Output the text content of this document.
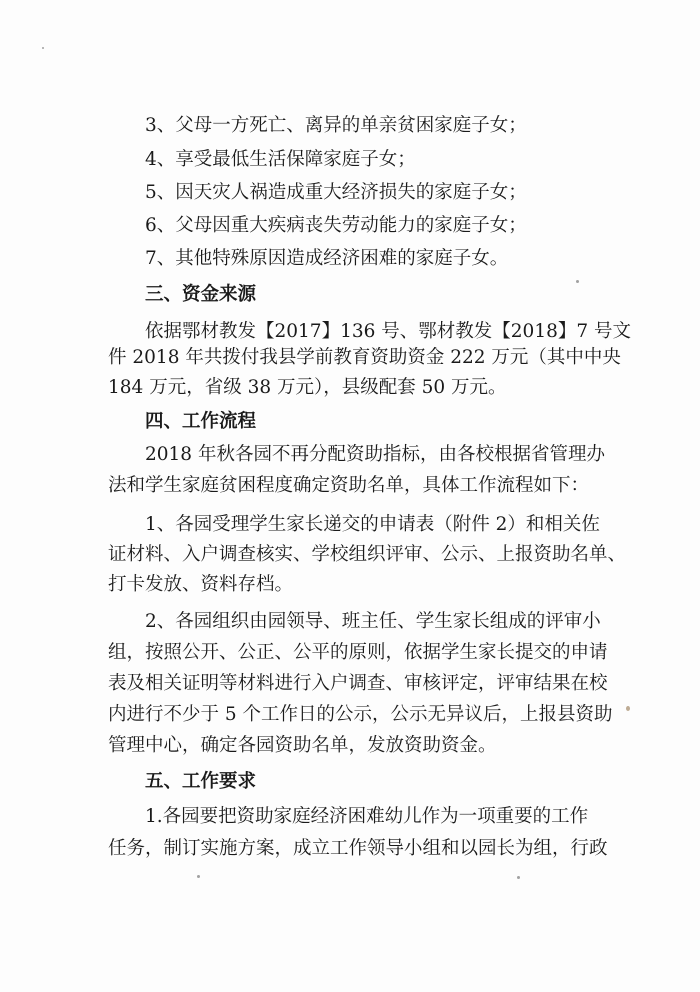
3、父母一方死亡、离异的单亲贫困家庭子女；
4、享受最低生活保障家庭子女；
5、因天灾人祸造成重大经济损失的家庭子女；
6、父母因重大疾病丧失劳动能力的家庭子女；
7、其他特殊原因造成经济困难的家庭子女。
三、资金来源
依据鄂材教发【2017】136 号、鄂材教发【2018】7 号文
件 2018 年共拨付我县学前教育资助资金 222 万元（其中中央
184 万元，省级 38 万元），县级配套 50 万元。
四、工作流程
2018 年秋各园不再分配资助指标，由各校根据省管理办
法和学生家庭贫困程度确定资助名单，具体工作流程如下：
1、各园受理学生家长递交的申请表（附件 2）和相关佐
证材料、入户调查核实、学校组织评审、公示、上报资助名单、
打卡发放、资料存档。
2、各园组织由园领导、班主任、学生家长组成的评审小
组，按照公开、公正、公平的原则，依据学生家长提交的申请
表及相关证明等材料进行入户调查、审核评定，评审结果在校
内进行不少于 5 个工作日的公示，公示无异议后，上报县资助
管理中心，确定各园资助名单，发放资助资金。
五、工作要求
1.各园要把资助家庭经济困难幼儿作为一项重要的工作
任务，制订实施方案，成立工作领导小组和以园长为组，行政
